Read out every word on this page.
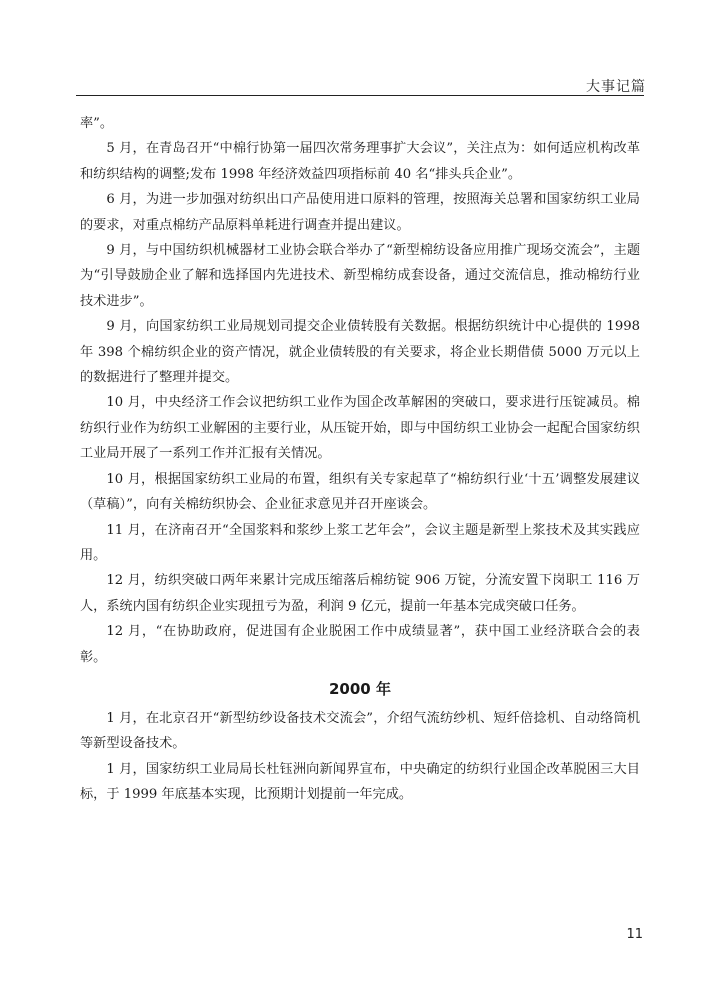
大事记篇

率”。

5 月，在青岛召开“中棉行协第一届四次常务理事扩大会议”，关注点为：如何适应机构改革和纺织结构的调整;发布 1998 年经济效益四项指标前 40 名“排头兵企业”。

6 月，为进一步加强对纺织出口产品使用进口原料的管理，按照海关总署和国家纺织工业局的要求，对重点棉纺产品原料单耗进行调查并提出建议。

9 月，与中国纺织机械器材工业协会联合举办了“新型棉纺设备应用推广现场交流会”，主题为“引导鼓励企业了解和选择国内先进技术、新型棉纺成套设备，通过交流信息，推动棉纺行业技术进步”。

9 月，向国家纺织工业局规划司提交企业债转股有关数据。根据纺织统计中心提供的 1998 年 398 个棉纺织企业的资产情况，就企业债转股的有关要求，将企业长期借债 5000 万元以上的数据进行了整理并提交。

10 月，中央经济工作会议把纺织工业作为国企改革解困的突破口，要求进行压锭减员。棉纺织行业作为纺织工业解困的主要行业，从压锭开始，即与中国纺织工业协会一起配合国家纺织工业局开展了一系列工作并汇报有关情况。

10 月，根据国家纺织工业局的布置，组织有关专家起草了“棉纺织行业‘十五’调整发展建议（草稿）”，向有关棉纺织协会、企业征求意见并召开座谈会。

11 月，在济南召开“全国浆料和浆纱上浆工艺年会”，会议主题是新型上浆技术及其实践应用。

12 月，纺织突破口两年来累计完成压缩落后棉纺锭 906 万锭，分流安置下岗职工 116 万人，系统内国有纺织企业实现扭亏为盈，利润 9 亿元，提前一年基本完成突破口任务。

12 月，“在协助政府，促进国有企业脱困工作中成绩显著”，获中国工业经济联合会的表彰。

2000 年

1 月，在北京召开“新型纺纱设备技术交流会”，介绍气流纺纱机、短纤倍捻机、自动络筒机等新型设备技术。

1 月，国家纺织工业局局长杜钰洲向新闻界宣布，中央确定的纺织行业国企改革脱困三大目标，于 1999 年底基本实现，比预期计划提前一年完成。

11
